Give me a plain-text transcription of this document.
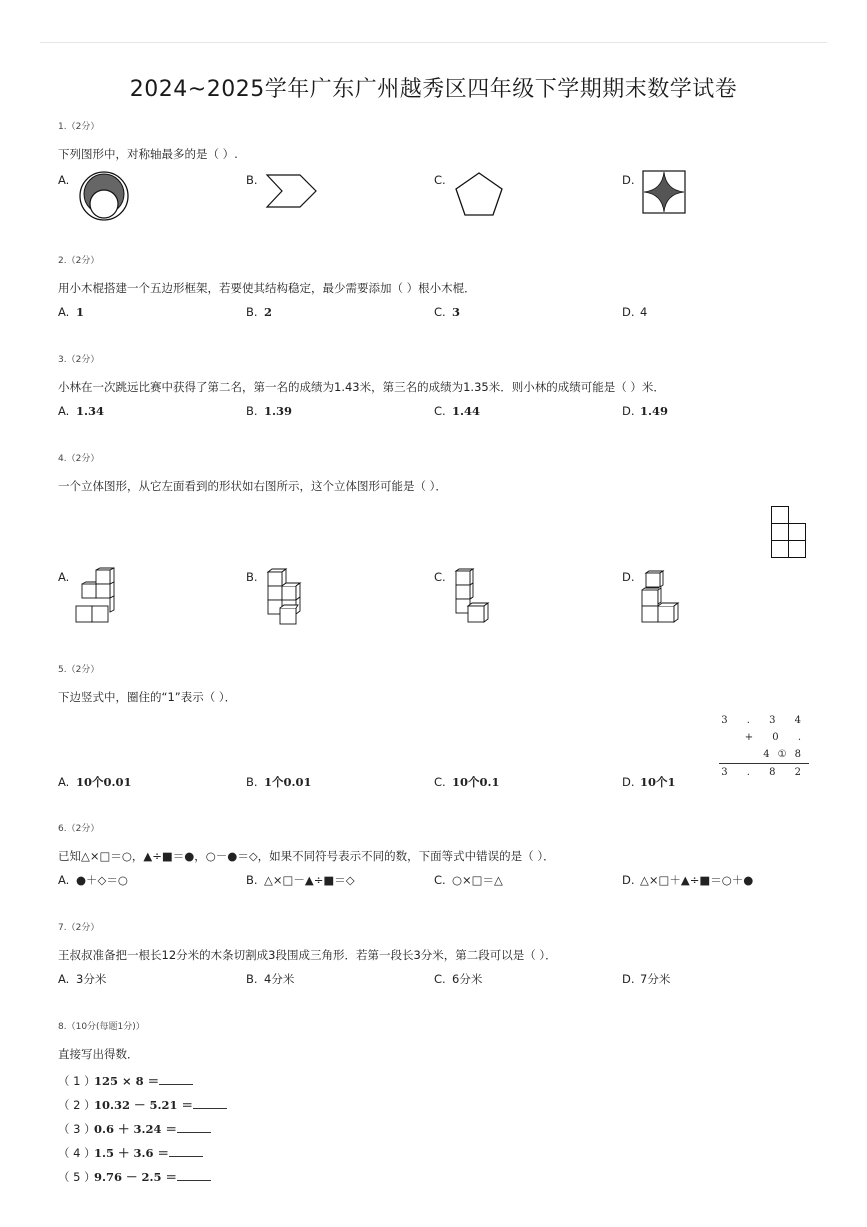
2024~2025学年广东广州越秀区四年级下学期期末数学试卷
1.（2分）
下列图形中，对称轴最多的是（ ）.
A.	B.	C.	D.
2.（2分）
用小木棍搭建一个五边形框架，若要使其结构稳定，最少需要添加（ ）根小木棍．
A. 1	B. 2	C. 3	D. 4
3.（2分）
小林在一次跳远比赛中获得了第二名，第一名的成绩为1.43米，第三名的成绩为1.35米．则小林的成绩可能是（ ）米．
A. 1.34	B. 1.39	C. 1.44	D. 1.49
4.（2分）
一个立体图形，从它左面看到的形状如右图所示，这个立体图形可能是（ ）．
A.	B.	C.	D.
5.（2分）
下边竖式中，圈住的“1”表示（ ）．
3 . 3 4
+ 0 . 4①8
3 . 8 2
A. 10个0.01	B. 1个0.01	C. 10个0.1	D. 10个1
6.（2分）
已知△×□＝○，▲÷■＝●，○－●＝◇，如果不同符号表示不同的数，下面等式中错误的是（ ）．
A. ●＋◇＝○	B. △×□－▲÷■＝◇	C. ○×□＝△	D. △×□＋▲÷■＝○＋●
7.（2分）
王叔叔准备把一根长12分米的木条切割成3段围成三角形．若第一段长3分米，第二段可以是（ ）．
A. 3分米	B. 4分米	C. 6分米	D. 7分米
8.（10分(每题1分)）
直接写出得数．
（ 1 ）125 × 8 ＝
（ 2 ）10.32 － 5.21 ＝
（ 3 ）0.6 ＋ 3.24 ＝
（ 4 ）1.5 ＋ 3.6 ＝
（ 5 ）9.76 － 2.5 ＝
